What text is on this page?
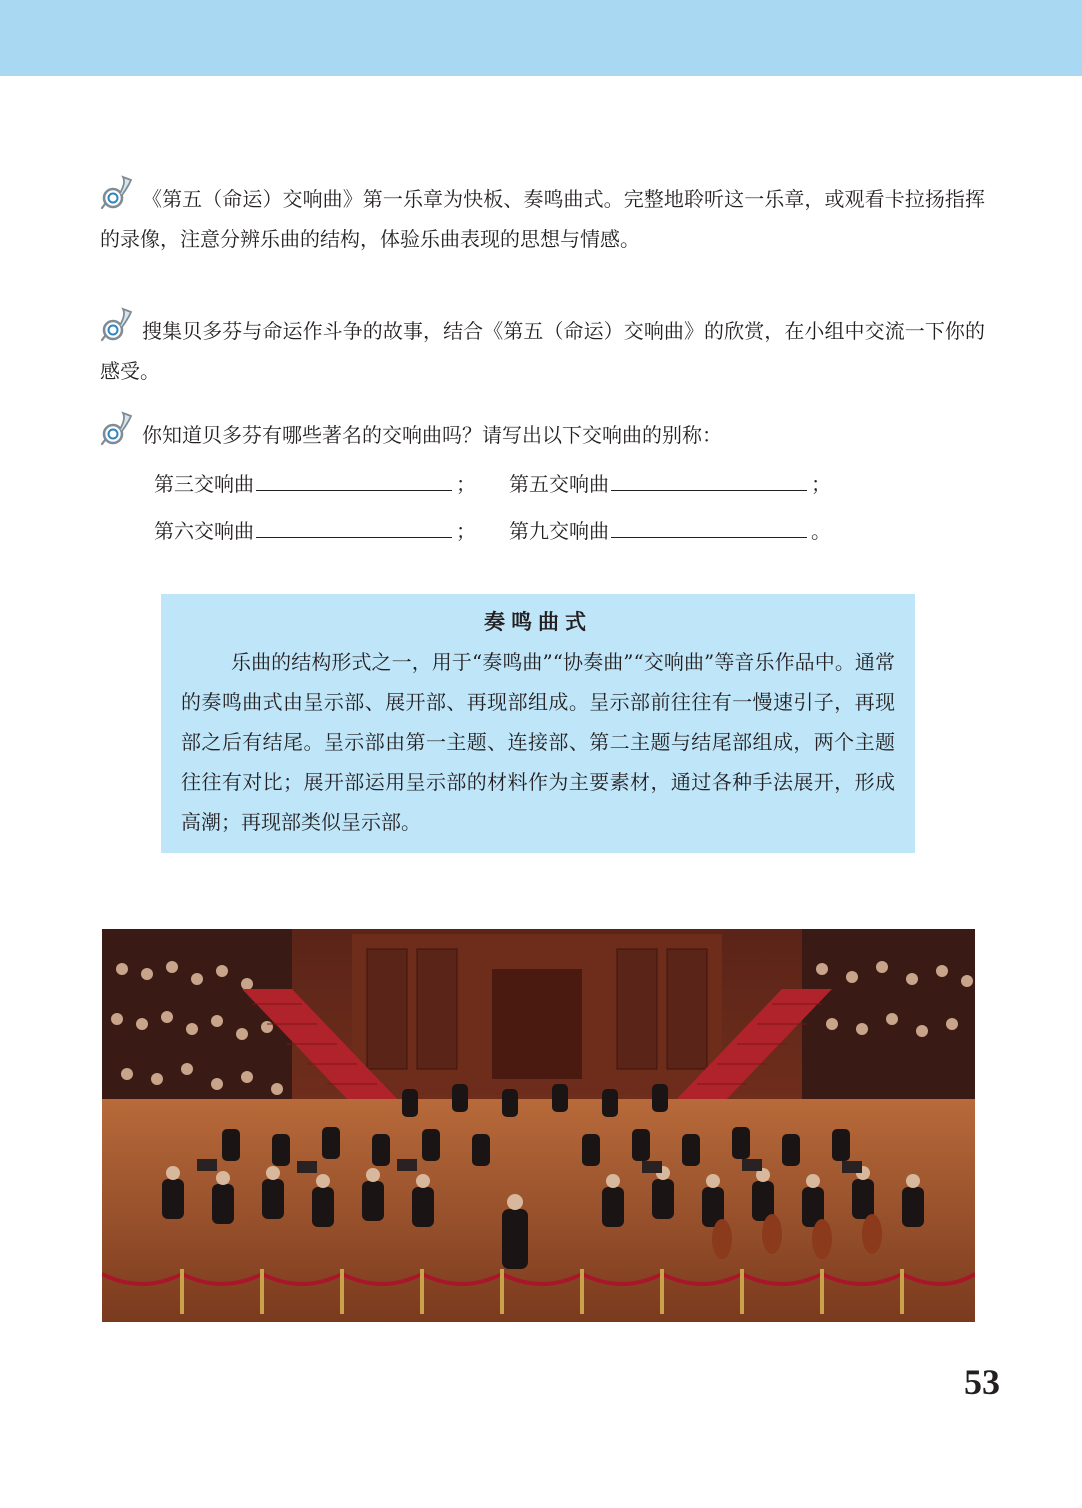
《第五（命运）交响曲》第一乐章为快板、奏鸣曲式。完整地聆听这一乐章，或观看卡拉扬指挥的录像，注意分辨乐曲的结构，体验乐曲表现的思想与情感。

搜集贝多芬与命运作斗争的故事，结合《第五（命运）交响曲》的欣赏，在小组中交流一下你的感受。

你知道贝多芬有哪些著名的交响曲吗？请写出以下交响曲的别称：

第三交响曲	； 第五交响曲	；
第六交响曲	； 第九交响曲	。
奏鸣曲式

乐曲的结构形式之一，用于“奏鸣曲”“协奏曲”“交响曲”等音乐作品中。通常的奏鸣曲式由呈示部、展开部、再现部组成。呈示部前往往有一慢速引子，再现部之后有结尾。呈示部由第一主题、连接部、第二主题与结尾部组成，两个主题往往有对比；展开部运用呈示部的材料作为主要素材，通过各种手法展开，形成高潮；再现部类似呈示部。

53
